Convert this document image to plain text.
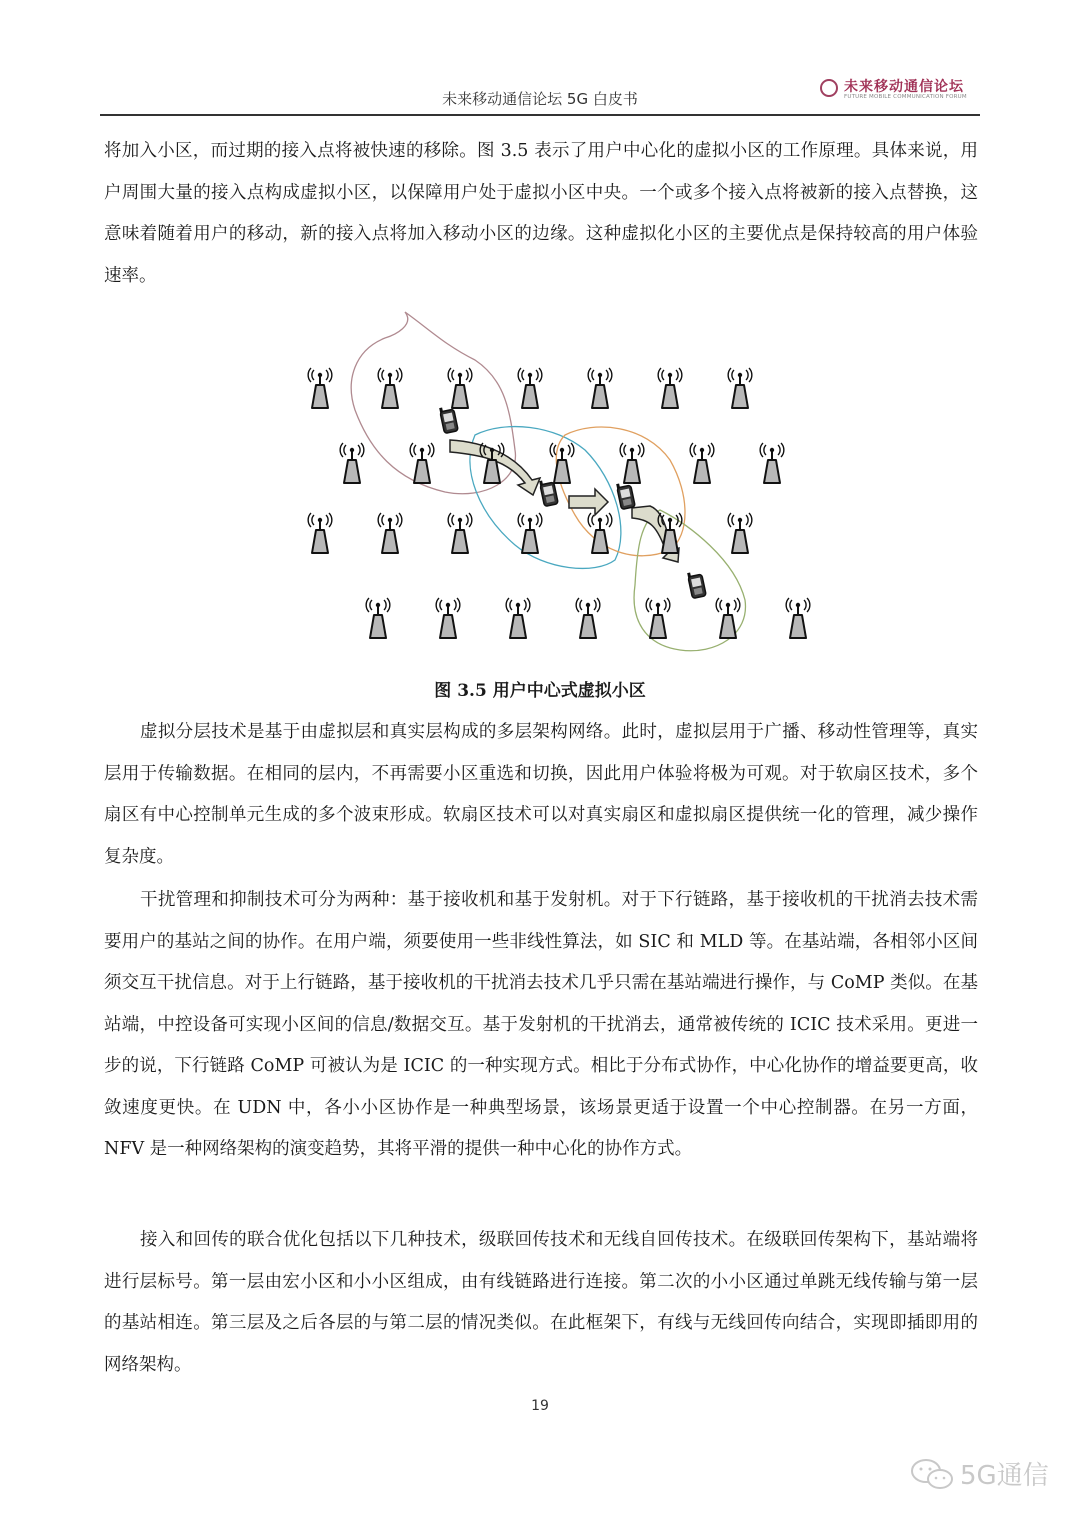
未来移动通信论坛 5G 白皮书
未来移动通信论坛
FUTURE MOBILE COMMUNICATION FORUM
将加入小区，而过期的接入点将被快速的移除。图 3.5 表示了用户中心化的虚拟小区的工作原理。具体来说，用户周围大量的接入点构成虚拟小区，以保障用户处于虚拟小区中央。一个或多个接入点将被新的接入点替换，这意味着随着用户的移动，新的接入点将加入移动小区的边缘。这种虚拟化小区的主要优点是保持较高的用户体验速率。
图 3.5 用户中心式虚拟小区
虚拟分层技术是基于由虚拟层和真实层构成的多层架构网络。此时，虚拟层用于广播、移动性管理等，真实层用于传输数据。在相同的层内，不再需要小区重选和切换，因此用户体验将极为可观。对于软扇区技术，多个扇区有中心控制单元生成的多个波束形成。软扇区技术可以对真实扇区和虚拟扇区提供统一化的管理，减少操作复杂度。
干扰管理和抑制技术可分为两种：基于接收机和基于发射机。对于下行链路，基于接收机的干扰消去技术需要用户的基站之间的协作。在用户端，须要使用一些非线性算法，如 SIC 和 MLD 等。在基站端，各相邻小区间须交互干扰信息。对于上行链路，基于接收机的干扰消去技术几乎只需在基站端进行操作，与 CoMP 类似。在基站端，中控设备可实现小区间的信息/数据交互。基于发射机的干扰消去，通常被传统的 ICIC 技术采用。更进一步的说，下行链路 CoMP 可被认为是 ICIC 的一种实现方式。相比于分布式协作，中心化协作的增益要更高，收敛速度更快。在 UDN 中，各小小区协作是一种典型场景，该场景更适于设置一个中心控制器。在另一方面，NFV 是一种网络架构的演变趋势，其将平滑的提供一种中心化的协作方式。
接入和回传的联合优化包括以下几种技术，级联回传技术和无线自回传技术。在级联回传架构下，基站端将进行层标号。第一层由宏小区和小小区组成，由有线链路进行连接。第二次的小小区通过单跳无线传输与第一层的基站相连。第三层及之后各层的与第二层的情况类似。在此框架下，有线与无线回传向结合，实现即插即用的网络架构。
19
5G通信
